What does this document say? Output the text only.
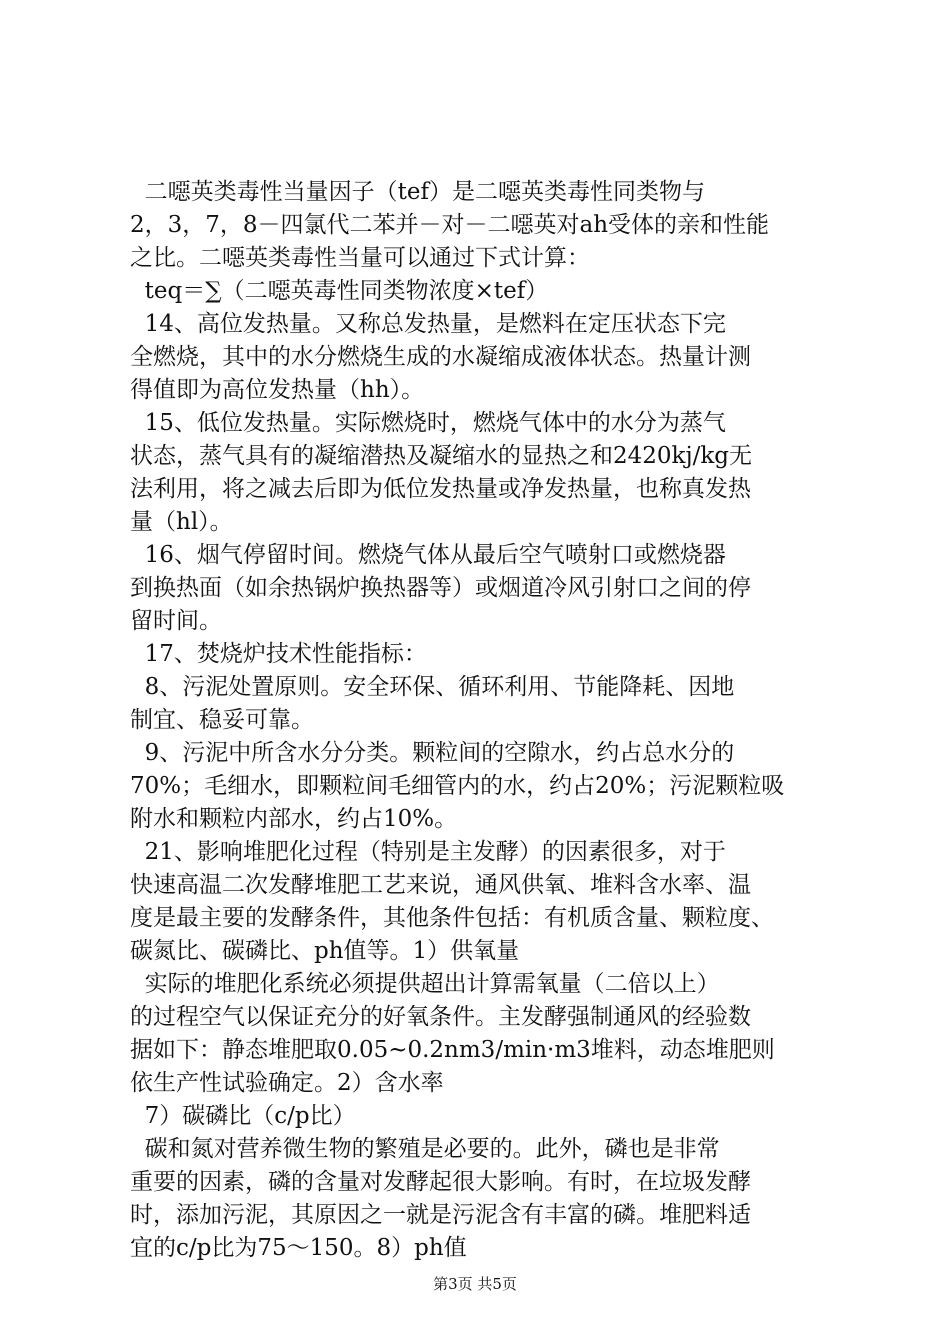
二噁英类毒性当量因子（tef）是二噁英类毒性同类物与
2，3，7，8－四氯代二苯并－对－二噁英对ah受体的亲和性能
之比。二噁英类毒性当量可以通过下式计算：
teq＝∑（二噁英毒性同类物浓度×tef）
14、高位发热量。又称总发热量，是燃料在定压状态下完
全燃烧，其中的水分燃烧生成的水凝缩成液体状态。热量计测
得值即为高位发热量（hh）。
15、低位发热量。实际燃烧时，燃烧气体中的水分为蒸气
状态，蒸气具有的凝缩潜热及凝缩水的显热之和2420kj/kg无
法利用，将之减去后即为低位发热量或净发热量，也称真发热
量（hl）。
16、烟气停留时间。燃烧气体从最后空气喷射口或燃烧器
到换热面（如余热锅炉换热器等）或烟道冷风引射口之间的停
留时间。
17、焚烧炉技术性能指标：
8、污泥处置原则。安全环保、循环利用、节能降耗、因地
制宜、稳妥可靠。
9、污泥中所含水分分类。颗粒间的空隙水，约占总水分的
70%；毛细水，即颗粒间毛细管内的水，约占20%；污泥颗粒吸
附水和颗粒内部水，约占10%。
21、影响堆肥化过程（特别是主发酵）的因素很多，对于
快速高温二次发酵堆肥工艺来说，通风供氧、堆料含水率、温
度是最主要的发酵条件，其他条件包括：有机质含量、颗粒度、
碳氮比、碳磷比、ph值等。1）供氧量
实际的堆肥化系统必须提供超出计算需氧量（二倍以上）
的过程空气以保证充分的好氧条件。主发酵强制通风的经验数
据如下：静态堆肥取0.05~0.2nm3/min·m3堆料，动态堆肥则
依生产性试验确定。2）含水率
7）碳磷比（c/p比）
碳和氮对营养微生物的繁殖是必要的。此外，磷也是非常
重要的因素，磷的含量对发酵起很大影响。有时，在垃圾发酵
时，添加污泥，其原因之一就是污泥含有丰富的磷。堆肥料适
宜的c/p比为75～150。8）ph值
第3页 共5页
